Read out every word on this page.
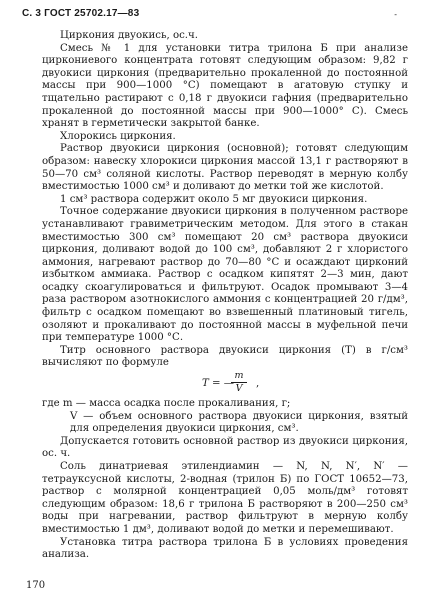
С. 3 ГОСТ 25702.17—83	-

Циркония двуокись, ос.ч.

Смесь № 1 для установки титра трилона Б при анализе циркониевого концентрата готовят следующим образом: 9,82 г двуокиси циркония (предварительно прокаленной до постоянной массы при 900—1000 °С) помещают в агатовую ступку и тщательно растирают с 0,18 г двуокиси гафния (предварительно прокаленной до постоянной массы при 900—1000° С). Смесь хранят в герметически закрытой банке.

Хлорокись циркония.

Раствор двуокиси циркония (основной); готовят следующим образом: навеску хлорокиси циркония массой 13,1 г растворяют в 50—70 см³ соляной кислоты. Раствор переводят в мерную колбу вместимостью 1000 см³ и доливают до метки той же кислотой.

1 см³ раствора содержит около 5 мг двуокиси циркония.

Точное содержание двуокиси циркония в полученном растворе устанавливают гравиметрическим методом. Для этого в стакан вместимостью 300 см³ помещают 20 см³ раствора двуокиси циркония, доливают водой до 100 см³, добавляют 2 г хлористого аммония, нагревают раствор до 70—80 °С и осаждают цирконий избытком аммиака. Раствор с осадком кипятят 2—3 мин, дают осадку скоагулироваться и фильтруют. Осадок промывают 3—4 раза раствором азотнокислого аммония с концентрацией 20 г/дм³, фильтр с осадком помещают во взвешенный платиновый тигель, озоляют и прокаливают до постоянной массы в муфельной печи при температуре 1000 °С.

Титр основного раствора двуокиси циркония (T) в г/см³ вычисляют по формуле

T = —
$\frac{m}{V}$ ,

где m — масса осадка после прокаливания, г;

V — объем основного раствора двуокиси циркония, взятый для определения двуокиси циркония, см³.

Допускается готовить основной раствор из двуокиси циркония, ос. ч.

Соль динатриевая этилендиамин — N, N, N′, N′ — тетрауксусной кислоты, 2-водная (трилон Б) по ГОСТ 10652—73, раствор с молярной концентрацией 0,05 моль/дм³ готовят следующим образом: 18,6 г трилона Б растворяют в 200—250 см³ воды при нагревании, раствор фильтруют в мерную колбу вместимостью 1 дм³, доливают водой до метки и перемешивают.

Установка титра раствора трилона Б в условиях проведения анализа.

170
